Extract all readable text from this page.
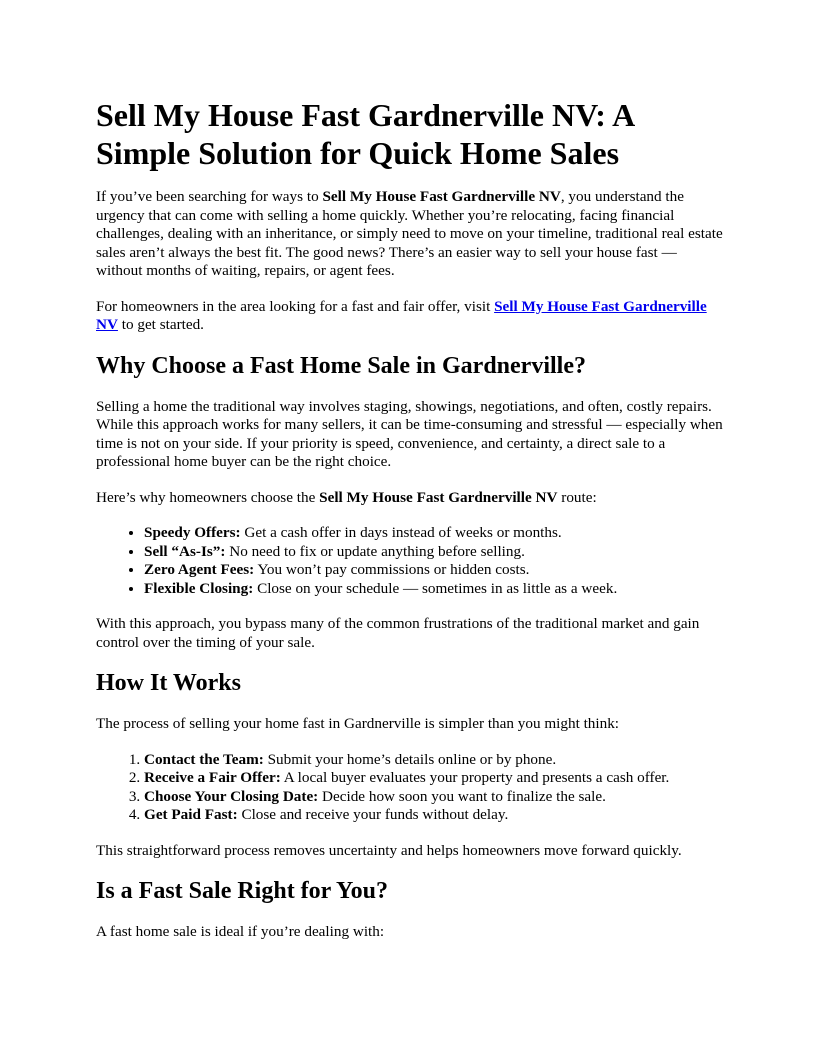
Sell My House Fast Gardnerville NV: A Simple Solution for Quick Home Sales

If you’ve been searching for ways to Sell My House Fast Gardnerville NV, you understand the urgency that can come with selling a home quickly. Whether you’re relocating, facing financial challenges, dealing with an inheritance, or simply need to move on your timeline, traditional real estate sales aren’t always the best fit. The good news? There’s an easier way to sell your house fast — without months of waiting, repairs, or agent fees.

For homeowners in the area looking for a fast and fair offer, visit Sell My House Fast Gardnerville NV to get started.

Why Choose a Fast Home Sale in Gardnerville?

Selling a home the traditional way involves staging, showings, negotiations, and often, costly repairs. While this approach works for many sellers, it can be time-consuming and stressful — especially when time is not on your side. If your priority is speed, convenience, and certainty, a direct sale to a professional home buyer can be the right choice.

Here’s why homeowners choose the Sell My House Fast Gardnerville NV route:

• Speedy Offers: Get a cash offer in days instead of weeks or months.
• Sell “As-Is”: No need to fix or update anything before selling.
• Zero Agent Fees: You won’t pay commissions or hidden costs.
• Flexible Closing: Close on your schedule — sometimes in as little as a week.

With this approach, you bypass many of the common frustrations of the traditional market and gain control over the timing of your sale.

How It Works

The process of selling your home fast in Gardnerville is simpler than you might think:

1. Contact the Team: Submit your home’s details online or by phone.
2. Receive a Fair Offer: A local buyer evaluates your property and presents a cash offer.
3. Choose Your Closing Date: Decide how soon you want to finalize the sale.
4. Get Paid Fast: Close and receive your funds without delay.

This straightforward process removes uncertainty and helps homeowners move forward quickly.

Is a Fast Sale Right for You?

A fast home sale is ideal if you’re dealing with:
